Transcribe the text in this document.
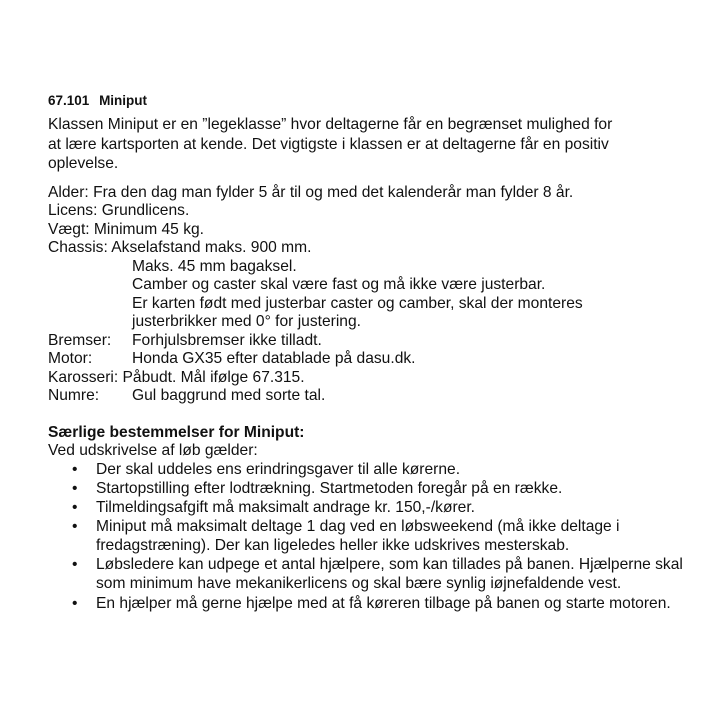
67.101 Miniput
Klassen Miniput er en ”legeklasse” hvor deltagerne får en begrænset mulighed for
at lære kartsporten at kende. Det vigtigste i klassen er at deltagerne får en positiv
oplevelse.
Alder: Fra den dag man fylder 5 år til og med det kalenderår man fylder 8 år.
Licens: Grundlicens.
Vægt: Minimum 45 kg.
Chassis: Akselafstand maks. 900 mm.
Maks. 45 mm bagaksel.
Camber og caster skal være fast og må ikke være justerbar.
Er karten født med justerbar caster og camber, skal der monteres
justerbrikker med 0° for justering.
Bremser:	Forhjulsbremser ikke tilladt.
Motor:	Honda GX35 efter datablade på dasu.dk.
Karosseri: Påbudt. Mål ifølge 67.315.
Numre:	Gul baggrund med sorte tal.
Særlige bestemmelser for Miniput:
Ved udskrivelse af løb gælder:
• Der skal uddeles ens erindringsgaver til alle kørerne.
• Startopstilling efter lodtrækning. Startmetoden foregår på en række.
• Tilmeldingsafgift må maksimalt andrage kr. 150,-/kører.
• Miniput må maksimalt deltage 1 dag ved en løbsweekend (må ikke deltage i fredagstræning). Der kan ligeledes heller ikke udskrives mesterskab.
• Løbsledere kan udpege et antal hjælpere, som kan tillades på banen. Hjælperne skal som minimum have mekanikerlicens og skal bære synlig iøjnefaldende vest.
• En hjælper må gerne hjælpe med at få køreren tilbage på banen og starte motoren.
